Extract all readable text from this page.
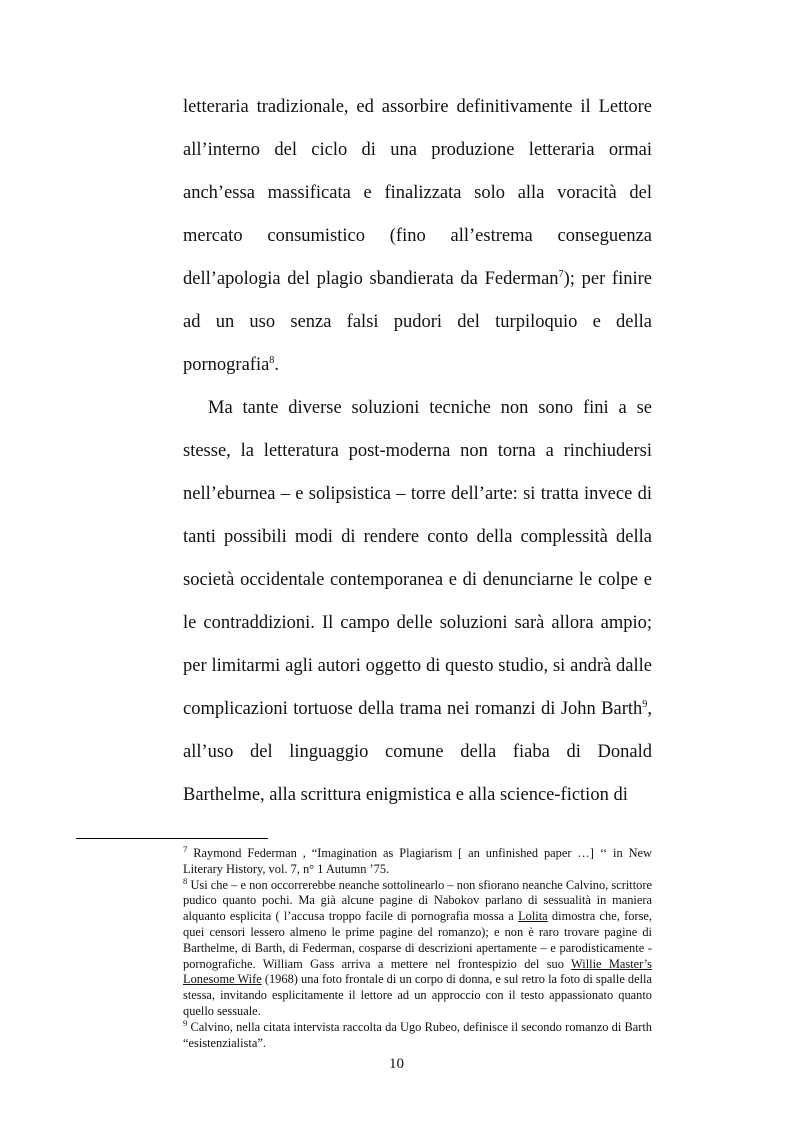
letteraria tradizionale, ed assorbire definitivamente il Lettore all’interno del ciclo di una produzione letteraria ormai anch’essa massificata e finalizzata solo alla voracità del mercato consumistico (fino all’estrema conseguenza dell’apologia del plagio sbandierata da Federman$^7$); per finire ad un uso senza falsi pudori del turpiloquio e della pornografia$^8$.

Ma tante diverse soluzioni tecniche non sono fini a se stesse, la letteratura post-moderna non torna a rinchiudersi nell’eburnea – e solipsistica – torre dell’arte: si tratta invece di tanti possibili modi di rendere conto della complessità della società occidentale contemporanea e di denunciarne le colpe e le contraddizioni. Il campo delle soluzioni sarà allora ampio; per limitarmi agli autori oggetto di questo studio, si andrà dalle complicazioni tortuose della trama nei romanzi di John Barth$^9$, all’uso del linguaggio comune della fiaba di Donald Barthelme, alla scrittura enigmistica e alla science-fiction di

$^7$ Raymond Federman , “Imagination as Plagiarism [ an unfinished paper …] ‘‘ in New Literary History, vol. 7, n° 1 Autumn ’75.

$^8$ Usi che – e non occorrerebbe neanche sottolinearlo – non sfiorano neanche Calvino, scrittore pudico quanto pochi. Ma già alcune pagine di Nabokov parlano di sessualità in maniera alquanto esplicita ( l’accusa troppo facile di pornografia mossa a Lolita dimostra che, forse, quei censori lessero almeno le prime pagine del romanzo); e non è raro trovare pagine di Barthelme, di Barth, di Federman, cosparse di descrizioni apertamente – e parodisticamente - pornografiche. William Gass arriva a mettere nel frontespizio del suo Willie Master’s Lonesome Wife (1968) una foto frontale di un corpo di donna, e sul retro la foto di spalle della stessa, invitando esplicitamente il lettore ad un approccio con il testo appassionato quanto quello sessuale.

$^9$ Calvino, nella citata intervista raccolta da Ugo Rubeo, definisce il secondo romanzo di Barth “esistenzialista”.

10
